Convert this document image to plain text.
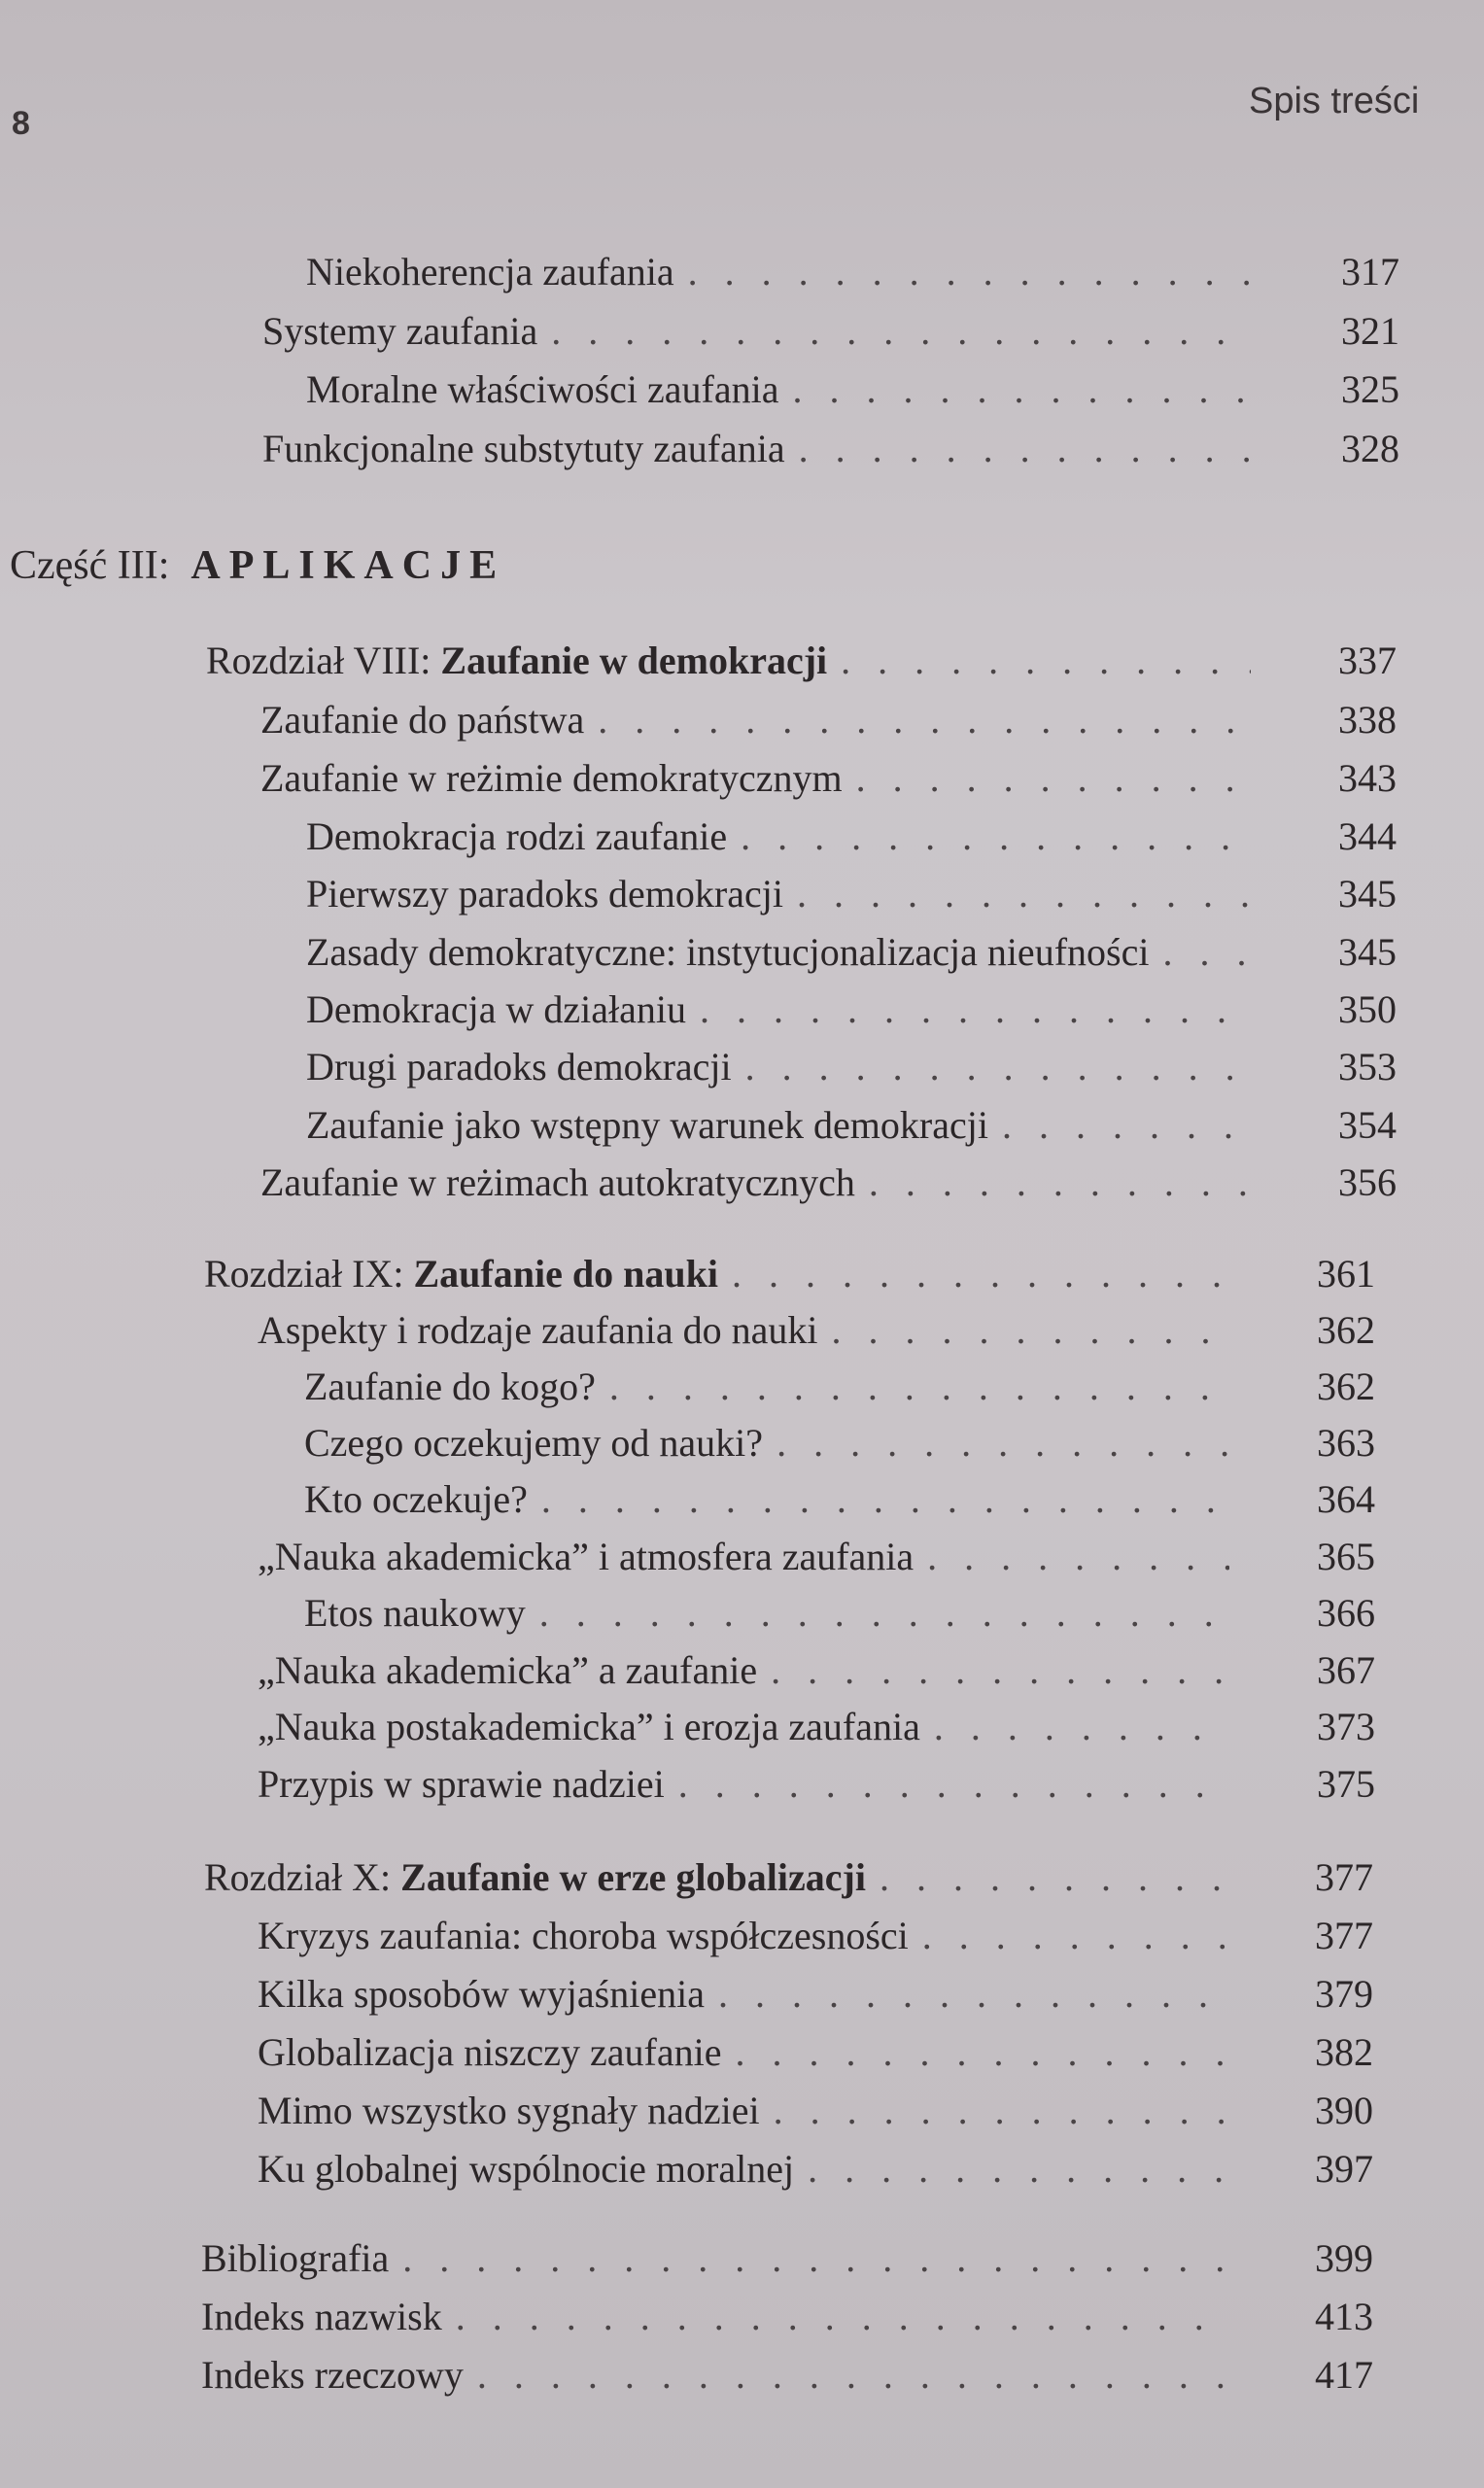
8
Spis treści
Część III: APLIKACJE
Niekoherencja zaufania . . .	317
Systemy zaufania . . .	321
Moralne właściwości zaufania . . .	325
Funkcjonalne substytuty zaufania . . .	328
Rozdział VIII: Zaufanie w demokracji . . .	337
Zaufanie do państwa . . .	338
Zaufanie w reżimie demokratycznym . . .	343
Demokracja rodzi zaufanie . . .	344
Pierwszy paradoks demokracji . . .	345
Zasady demokratyczne: instytucjonalizacja nieufności . . .	345
Demokracja w działaniu . . .	350
Drugi paradoks demokracji . . .	353
Zaufanie jako wstępny warunek demokracji . . .	354
Zaufanie w reżimach autokratycznych . . .	356
Rozdział IX: Zaufanie do nauki . . .	361
Aspekty i rodzaje zaufania do nauki . . .	362
Zaufanie do kogo? . . .	362
Czego oczekujemy od nauki? . . .	363
Kto oczekuje? . . .	364
„Nauka akademicka” i atmosfera zaufania . . .	365
Etos naukowy . . .	366
„Nauka akademicka” a zaufanie . . .	367
„Nauka postakademicka” i erozja zaufania . . .	373
Przypis w sprawie nadziei . . .	375
Rozdział X: Zaufanie w erze globalizacji . . .	377
Kryzys zaufania: choroba współczesności . . .	377
Kilka sposobów wyjaśnienia . . .	379
Globalizacja niszczy zaufanie . . .	382
Mimo wszystko sygnały nadziei . . .	390
Ku globalnej wspólnocie moralnej . . .	397
Bibliografia . . .	399
Indeks nazwisk . . .	413
Indeks rzeczowy . . .	417
